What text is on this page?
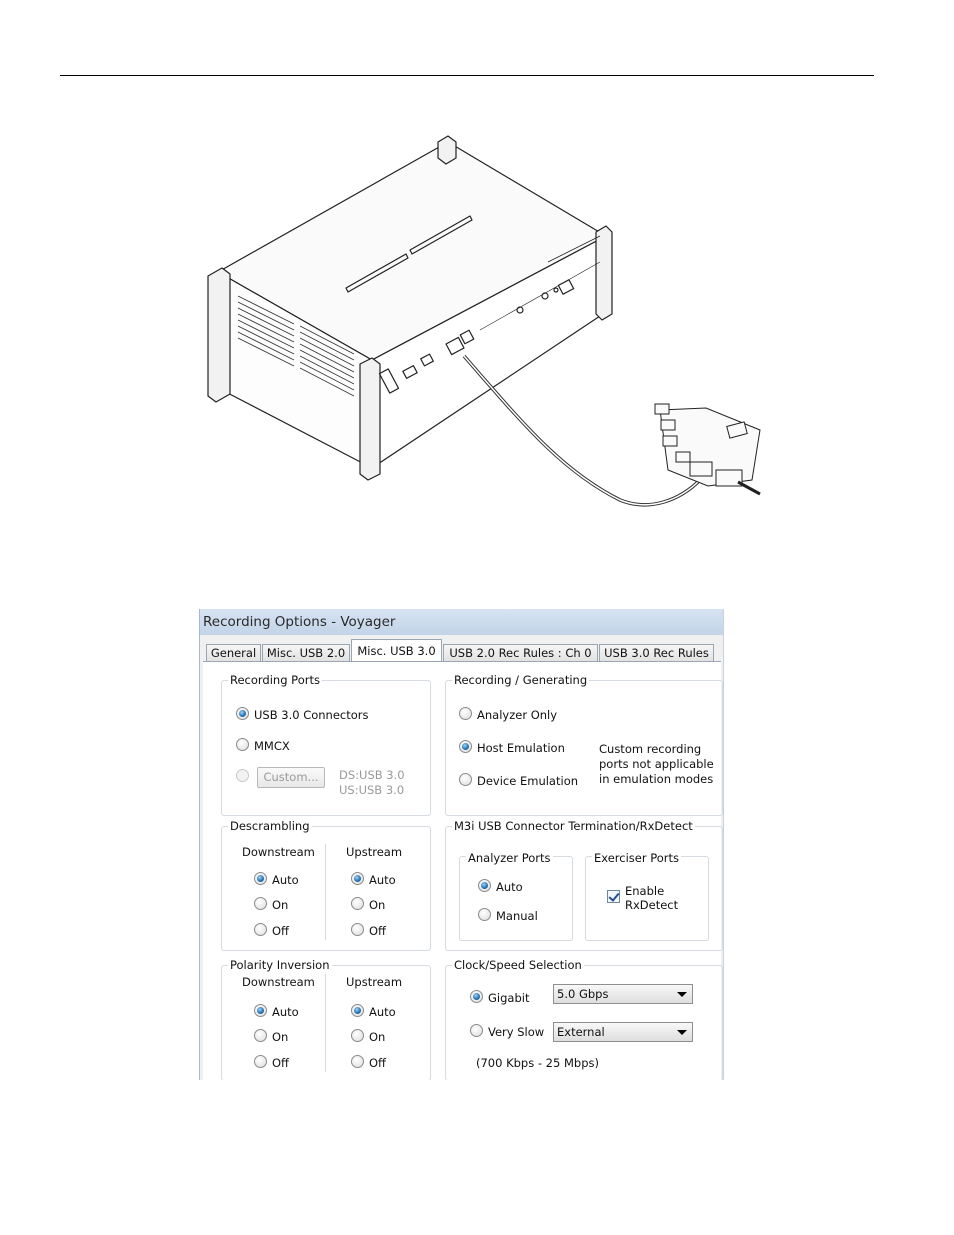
Recording Options - Voyager
General Misc. USB 2.0	Misc. USB 3.0	USB 2.0 Rec Rules : Ch 0	USB 3.0 Rec Rules
Recording Ports
USB 3.0 Connectors
MMCX
Custom...	DS:USB 3.0
US:USB 3.0
Recording / Generating
Analyzer Only
Host Emulation
Device Emulation
Custom recording
ports not applicable
in emulation modes
Descrambling
Downstream	Upstream
Auto
On
Off
Auto
On
Off
M3i USB Connector Termination/RxDetect
Analyzer Ports
Auto
Manual
Exerciser Ports
Enable
RxDetect
Polarity Inversion
Downstream	Upstream
Auto
On
Off
Auto
On
Off
Clock/Speed Selection
Gigabit	5.0 Gbps
Very Slow	External
(700 Kbps - 25 Mbps)
